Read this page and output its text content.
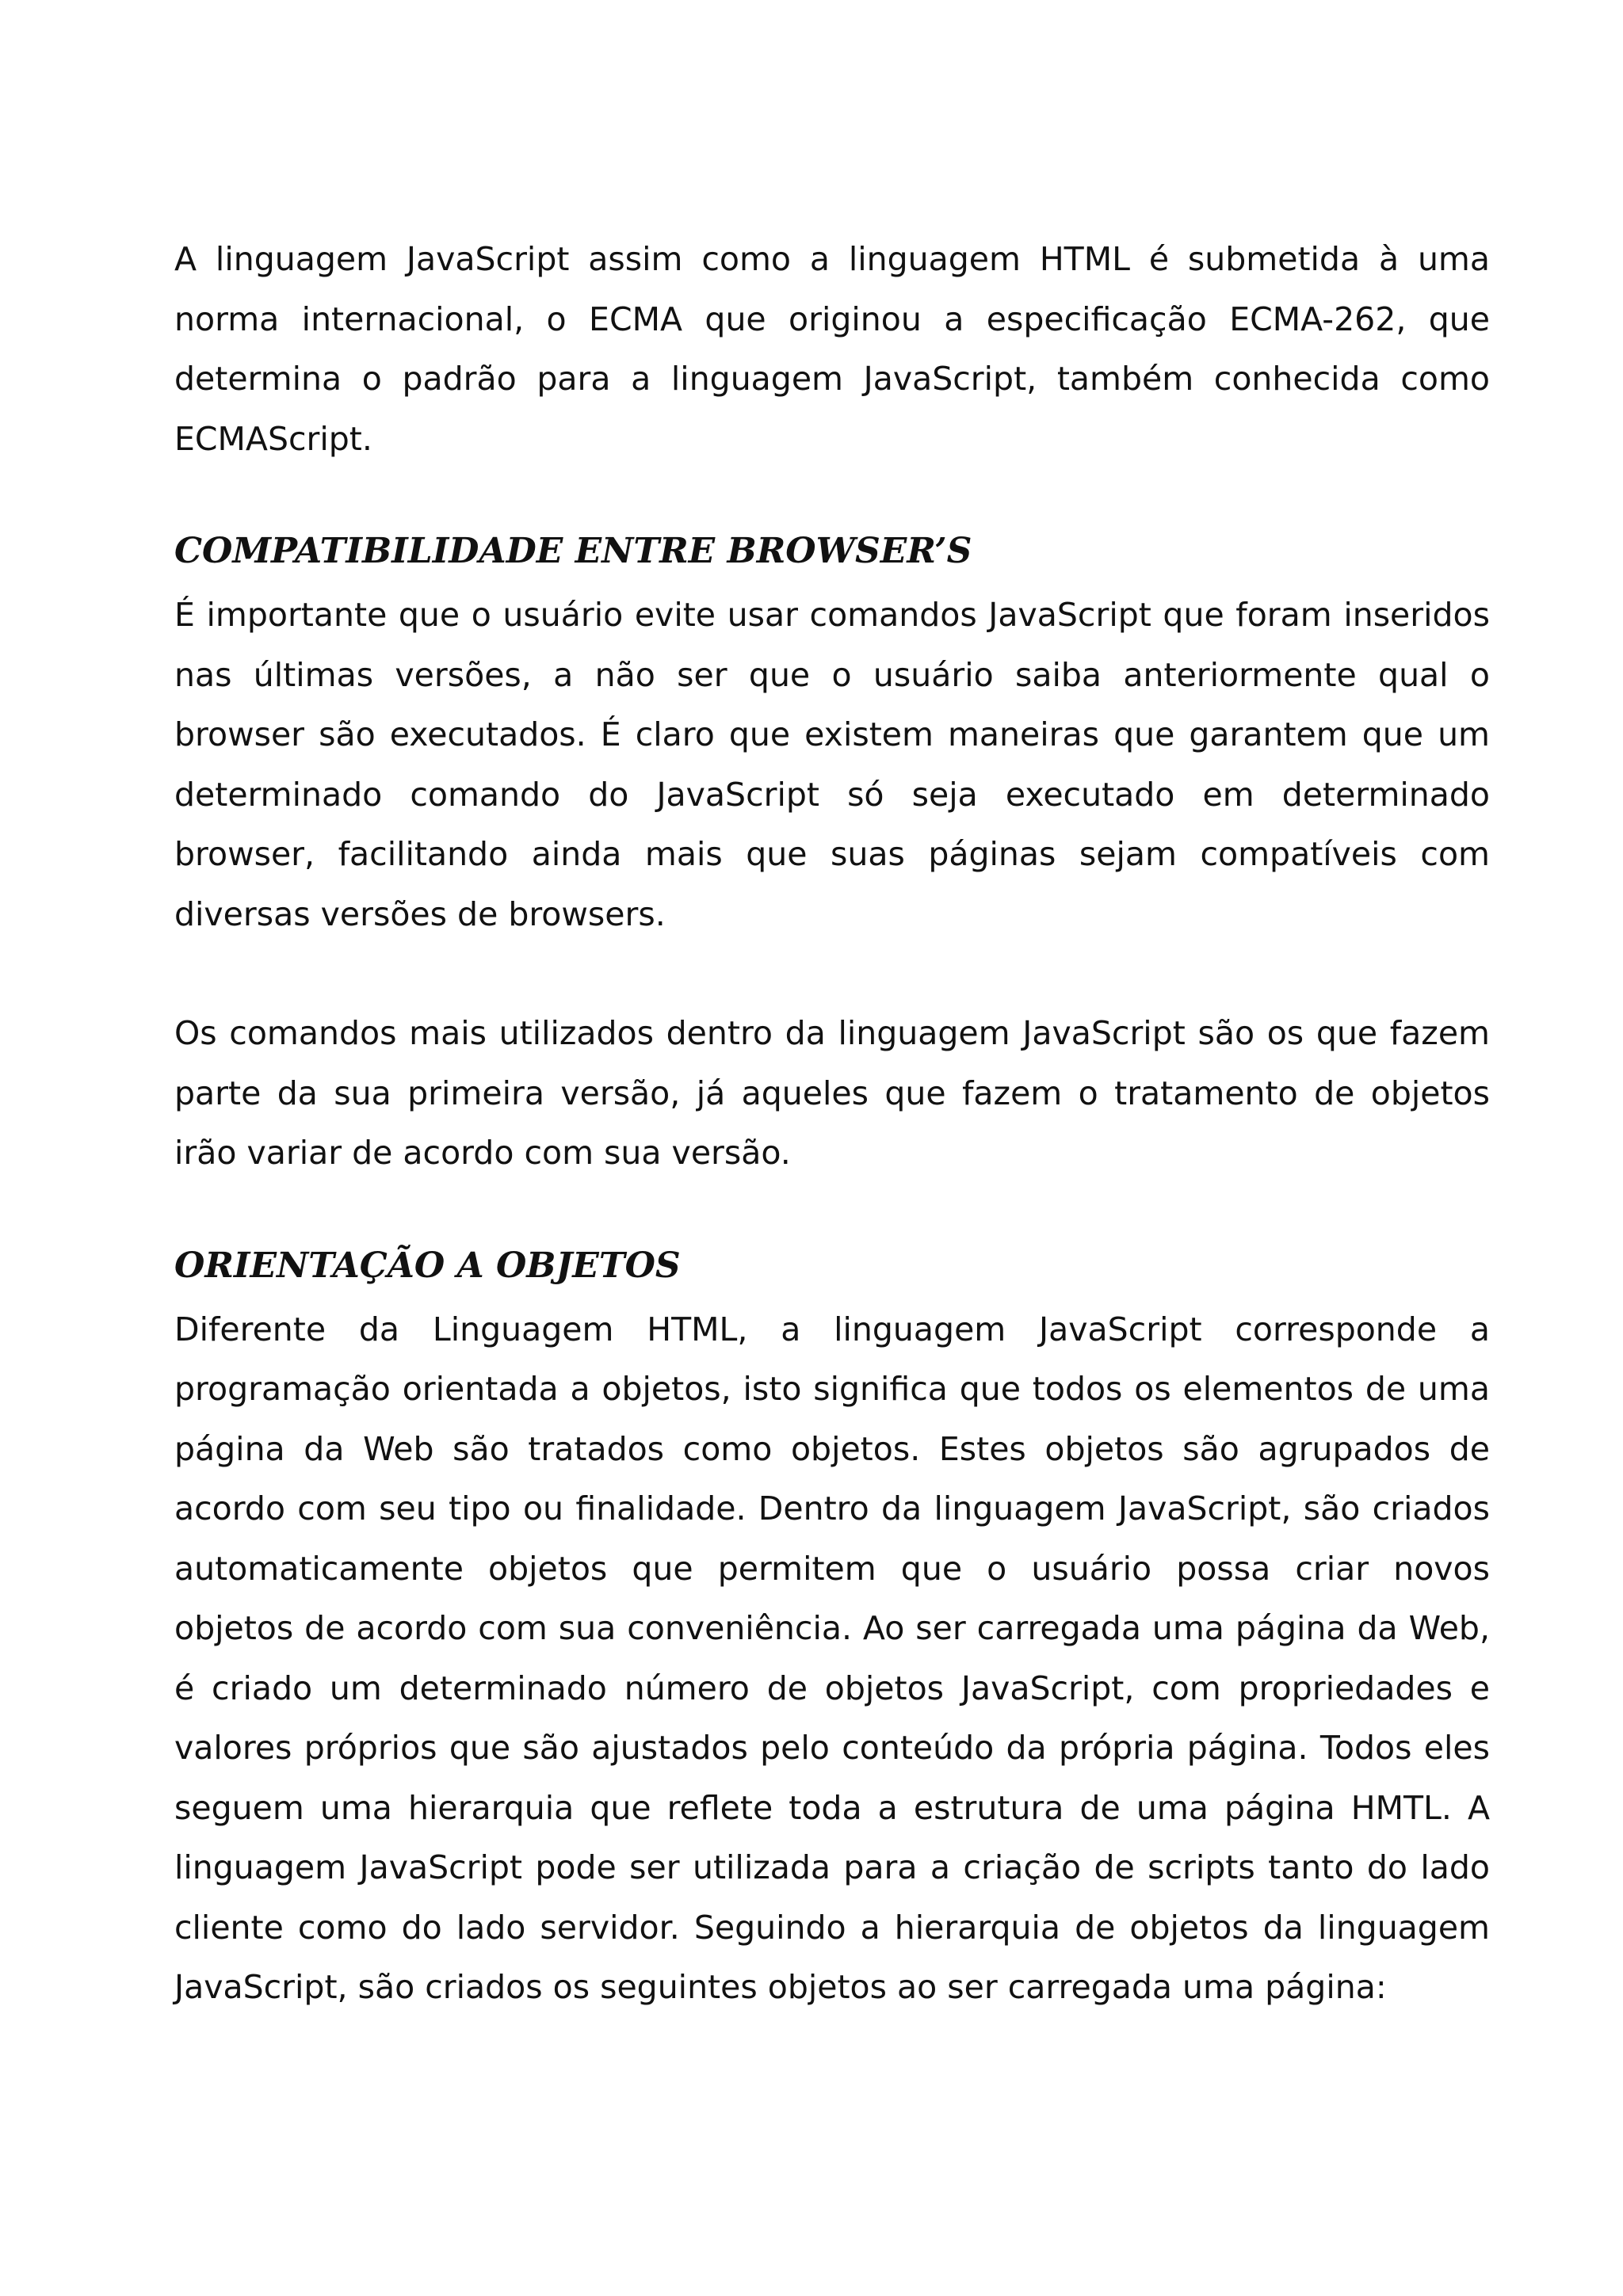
A linguagem JavaScript assim como a linguagem HTML é submetida à uma norma internacional, o ECMA que originou a especificação ECMA-262, que determina o padrão para a linguagem JavaScript, também conhecida como ECMAScript.

COMPATIBILIDADE ENTRE BROWSER’S

É importante que o usuário evite usar comandos JavaScript que foram inseridos nas últimas versões, a não ser que o usuário saiba anteriormente qual o browser são executados. É claro que existem maneiras que garantem que um determinado comando do JavaScript só seja executado em determinado browser, facilitando ainda mais que suas páginas sejam compatíveis com diversas versões de browsers.

Os comandos mais utilizados dentro da linguagem JavaScript são os que fazem parte da sua primeira versão, já aqueles que fazem o tratamento de objetos irão variar de acordo com sua versão.

ORIENTAÇÃO A OBJETOS

Diferente da Linguagem HTML, a linguagem JavaScript corresponde a programação orientada a objetos, isto significa que todos os elementos de uma página da Web são tratados como objetos. Estes objetos são agrupados de acordo com seu tipo ou finalidade. Dentro da linguagem JavaScript, são criados automaticamente objetos que permitem que o usuário possa criar novos objetos de acordo com sua conveniência. Ao ser carregada uma página da Web, é criado um determinado número de objetos JavaScript, com propriedades e valores próprios que são ajustados pelo conteúdo da própria página. Todos eles seguem uma hierarquia que reflete toda a estrutura de uma página HMTL. A linguagem JavaScript pode ser utilizada para a criação de scripts tanto do lado cliente como do lado servidor. Seguindo a hierarquia de objetos da linguagem JavaScript, são criados os seguintes objetos ao ser carregada uma página:
